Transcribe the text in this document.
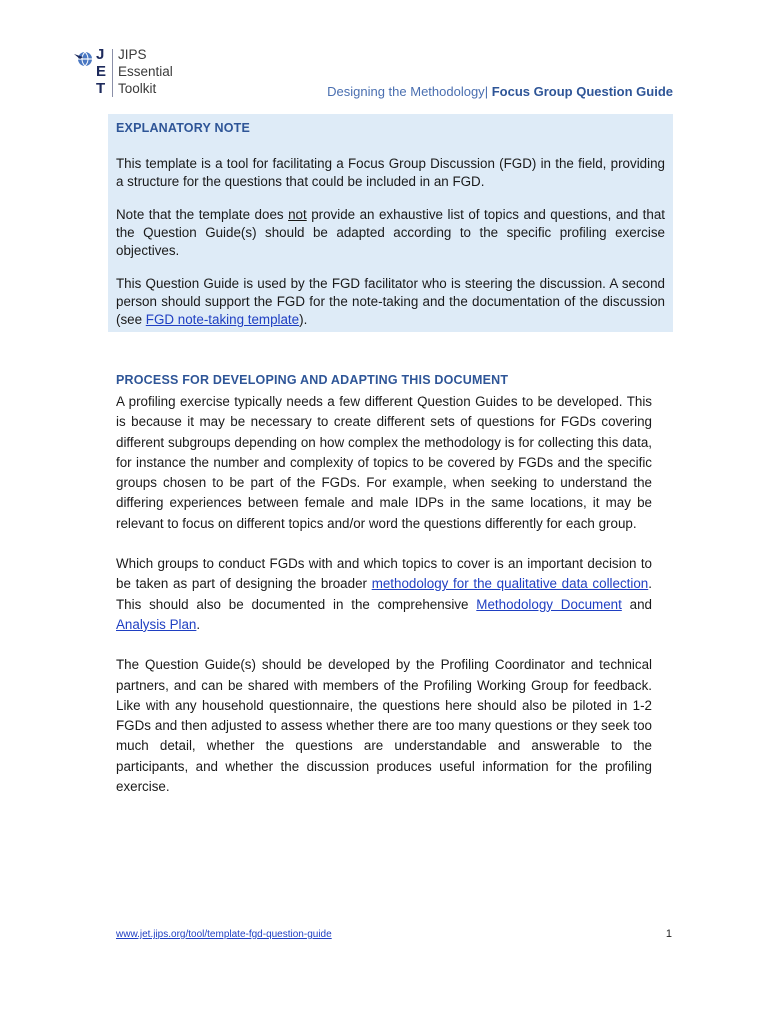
J
E
T
JIPS
Essential
Toolkit	Designing the Methodology| Focus Group Question Guide
EXPLANATORY NOTE

This template is a tool for facilitating a Focus Group Discussion (FGD) in the field, providing a structure for the questions that could be included in an FGD.

Note that the template does not provide an exhaustive list of topics and questions, and that the Question Guide(s) should be adapted according to the specific profiling exercise objectives.

This Question Guide is used by the FGD facilitator who is steering the discussion. A second person should support the FGD for the note-taking and the documentation of the discussion (see FGD note-taking template).

PROCESS FOR DEVELOPING AND ADAPTING THIS DOCUMENT

A profiling exercise typically needs a few different Question Guides to be developed. This is because it may be necessary to create different sets of questions for FGDs covering different subgroups depending on how complex the methodology is for collecting this data, for instance the number and complexity of topics to be covered by FGDs and the specific groups chosen to be part of the FGDs. For example, when seeking to understand the differing experiences between female and male IDPs in the same locations, it may be relevant to focus on different topics and/or word the questions differently for each group.

Which groups to conduct FGDs with and which topics to cover is an important decision to be taken as part of designing the broader methodology for the qualitative data collection. This should also be documented in the comprehensive Methodology Document and Analysis Plan.

The Question Guide(s) should be developed by the Profiling Coordinator and technical partners, and can be shared with members of the Profiling Working Group for feedback. Like with any household questionnaire, the questions here should also be piloted in 1-2 FGDs and then adjusted to assess whether there are too many questions or they seek too much detail, whether the questions are understandable and answerable to the participants, and whether the discussion produces useful information for the profiling exercise.

www.jet.jips.org/tool/template-fgd-question-guide	1
